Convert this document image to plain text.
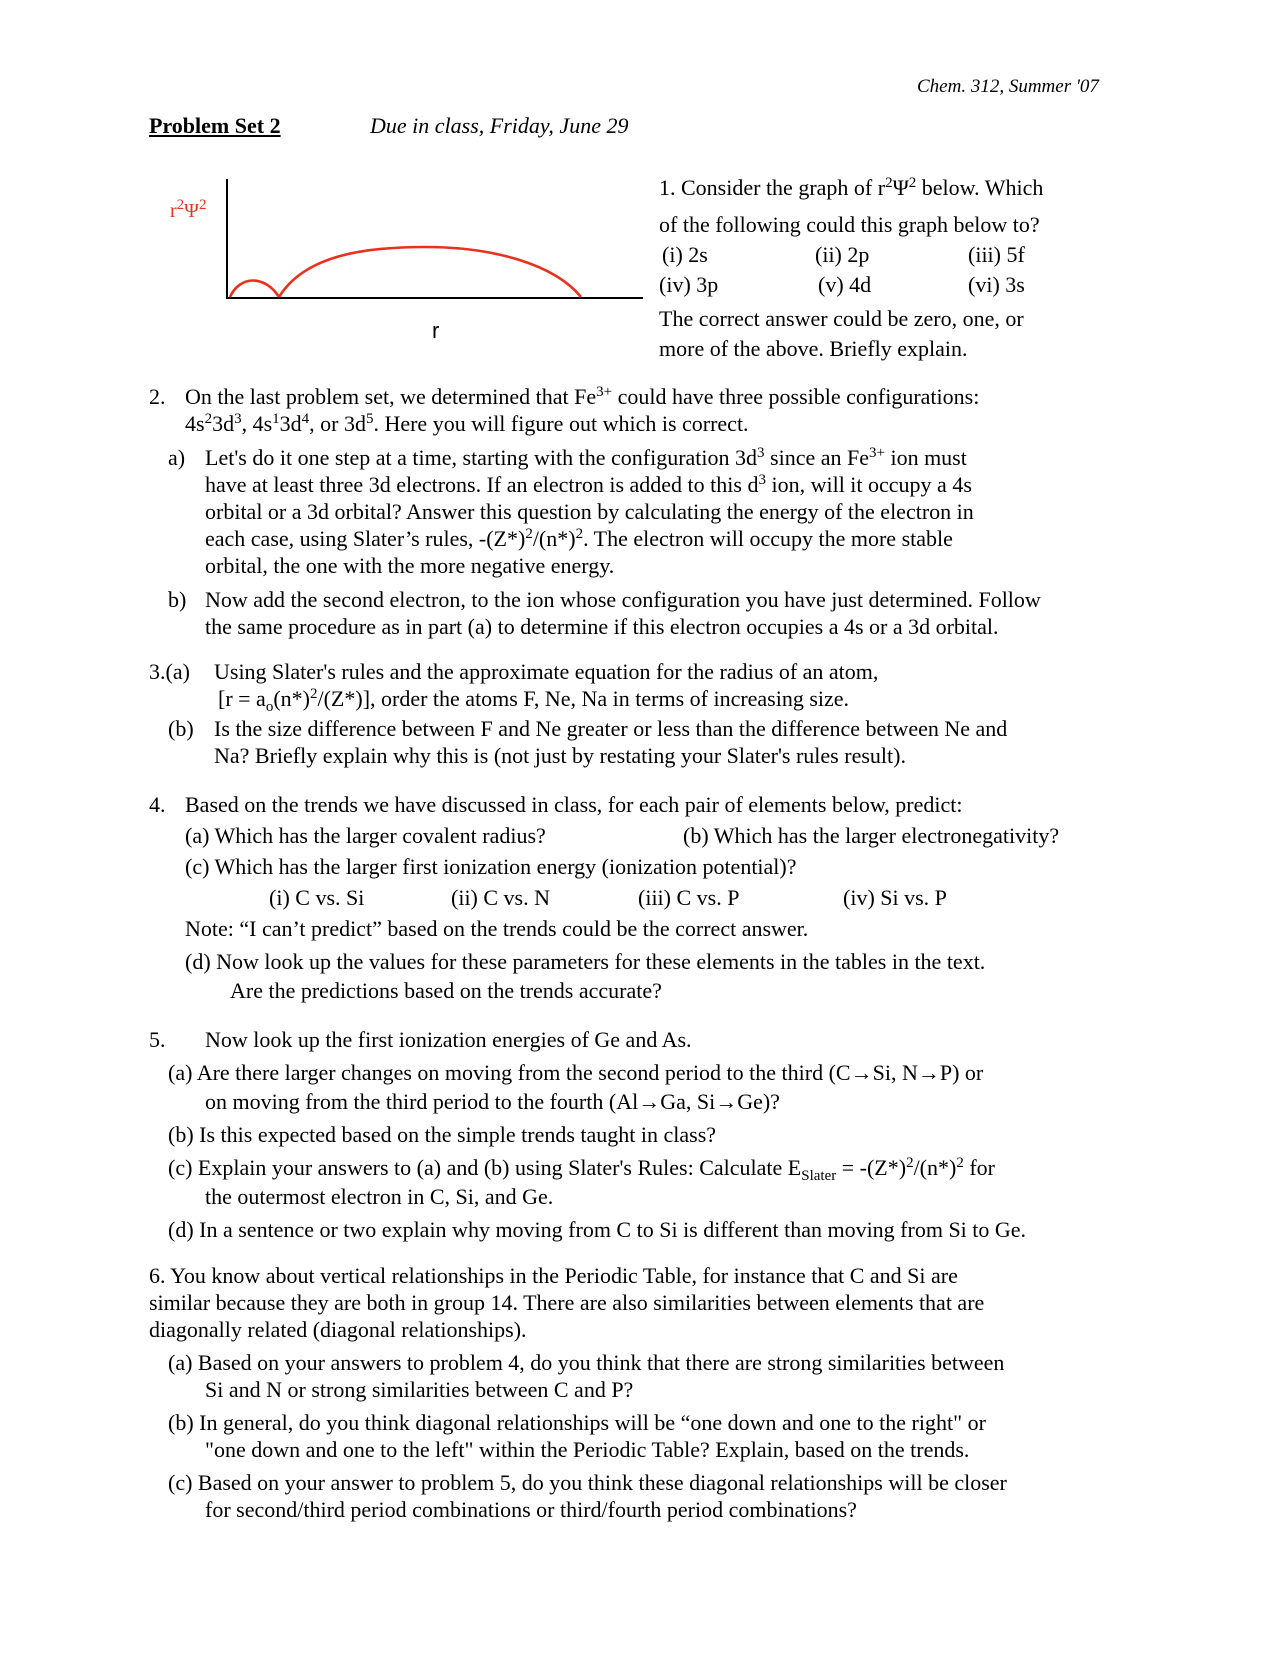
Chem. 312, Summer '07
Problem Set 2	Due in class, Friday, June 29
$r^2\Psi^2$
r
1. Consider the graph of $r^2\Psi^2$ below. Which
of the following could this graph below to?
(i) 2s	(ii) 2p	(iii) 5f
(iv) 3p	(v) 4d	(vi) 3s
The correct answer could be zero, one, or
more of the above. Briefly explain.
2. On the last problem set, we determined that $Fe^{3+}$ could have three possible configurations:
$4s^23d^3$, $4s^13d^4$, or $3d^5$. Here you will figure out which is correct.
a) Let's do it one step at a time, starting with the configuration $3d^3$ since an $Fe^{3+}$ ion must
have at least three 3d electrons. If an electron is added to this $d^3$ ion, will it occupy a 4s
orbital or a 3d orbital? Answer this question by calculating the energy of the electron in
each case, using Slater’s rules, $-(Z*)^2/(n*)^2$. The electron will occupy the more stable
orbital, the one with the more negative energy.
b) Now add the second electron, to the ion whose configuration you have just determined. Follow
the same procedure as in part (a) to determine if this electron occupies a 4s or a 3d orbital.
3.(a) Using Slater's rules and the approximate equation for the radius of an atom,
$[r = a_o(n*)^2/(Z*)]$, order the atoms F, Ne, Na in terms of increasing size.
(b) Is the size difference between F and Ne greater or less than the difference between Ne and
Na? Briefly explain why this is (not just by restating your Slater's rules result).
4. Based on the trends we have discussed in class, for each pair of elements below, predict:
(a) Which has the larger covalent radius?	(b) Which has the larger electronegativity?
(c) Which has the larger first ionization energy (ionization potential)?
(i) C vs. Si	(ii) C vs. N	(iii) C vs. P	(iv) Si vs. P
Note: “I can’t predict” based on the trends could be the correct answer.
(d) Now look up the values for these parameters for these elements in the tables in the text.
Are the predictions based on the trends accurate?
5. Now look up the first ionization energies of Ge and As.
(a) Are there larger changes on moving from the second period to the third (C→Si, N→P) or
on moving from the third period to the fourth (Al→Ga, Si→Ge)?
(b) Is this expected based on the simple trends taught in class?
(c) Explain your answers to (a) and (b) using Slater's Rules: Calculate $E_{Slater} = -(Z*)^2/(n*)^2$ for
the outermost electron in C, Si, and Ge.
(d) In a sentence or two explain why moving from C to Si is different than moving from Si to Ge.
6. You know about vertical relationships in the Periodic Table, for instance that C and Si are
similar because they are both in group 14. There are also similarities between elements that are
diagonally related (diagonal relationships).
(a) Based on your answers to problem 4, do you think that there are strong similarities between
Si and N or strong similarities between C and P?
(b) In general, do you think diagonal relationships will be “one down and one to the right" or
"one down and one to the left" within the Periodic Table? Explain, based on the trends.
(c) Based on your answer to problem 5, do you think these diagonal relationships will be closer
for second/third period combinations or third/fourth period combinations?
